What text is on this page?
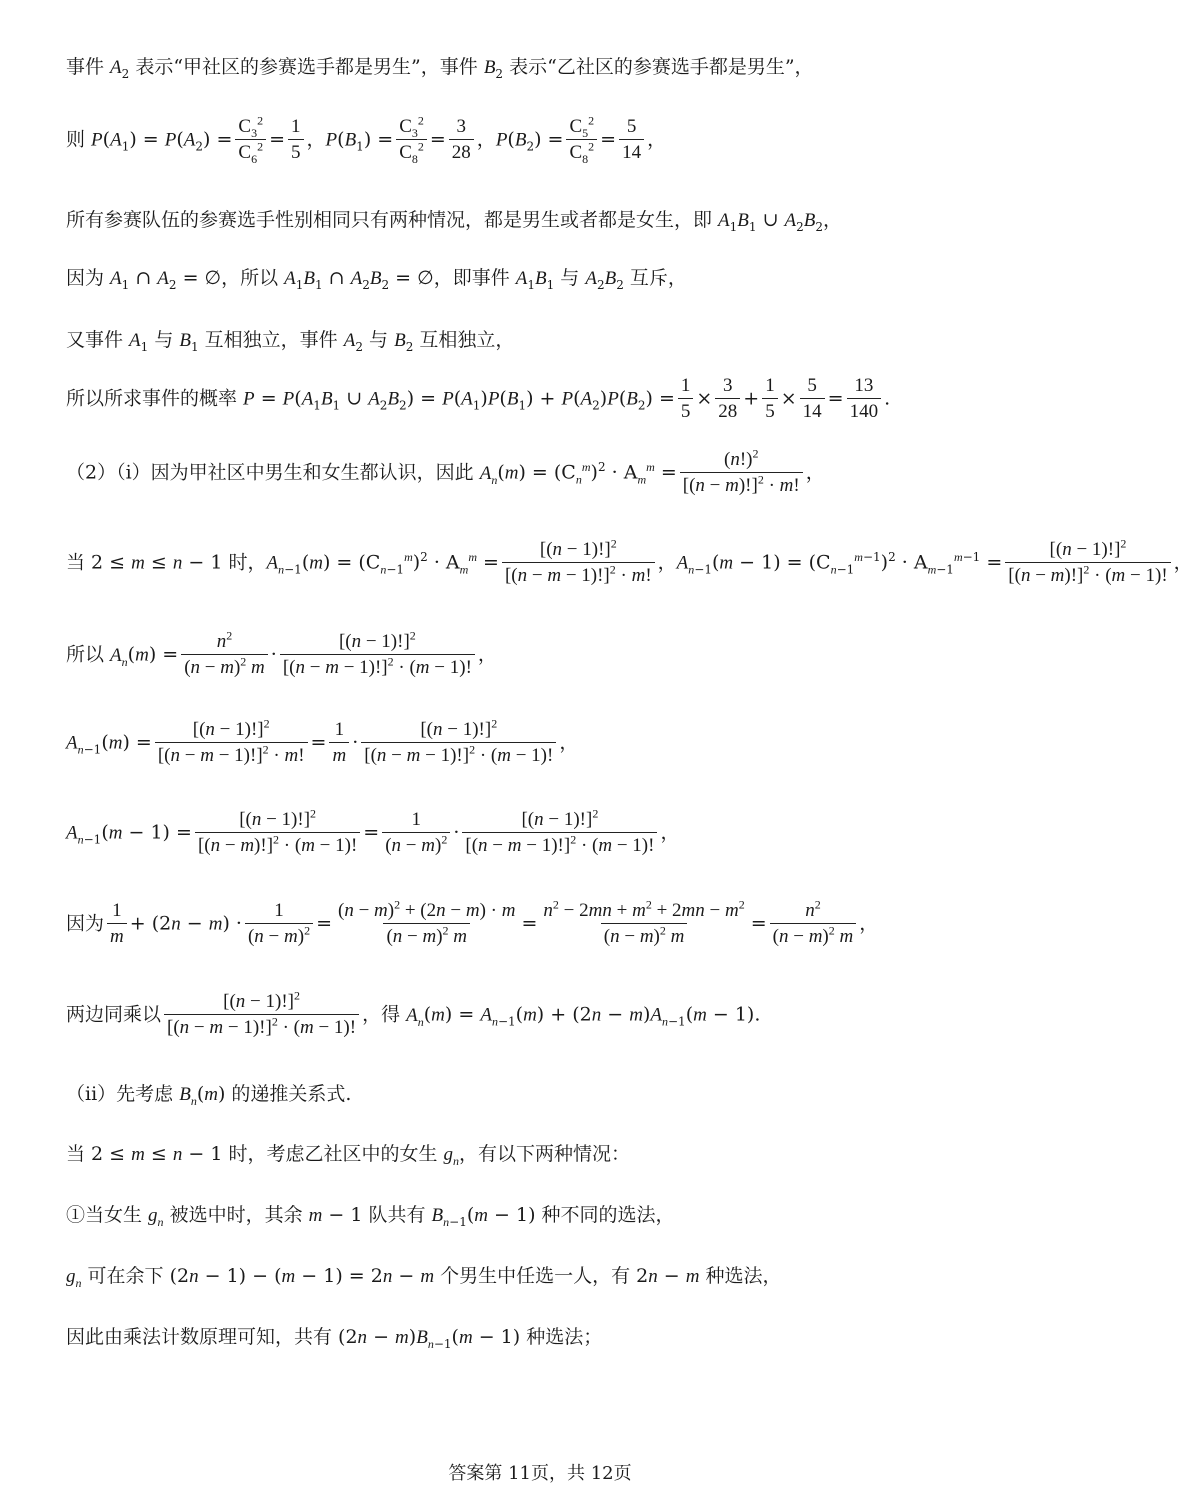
事件 $A_2$ 表示“甲社区的参赛选手都是男生”，事件 $B_2$ 表示“乙社区的参赛选手都是男生”，
则 $P(A_1) = P(A_2) = \frac{C_3^2}{C_6^2} = \frac{1}{5}$ ，$P(B_1) = \frac{C_3^2}{C_8^2} = \frac{3}{28}$ ，$P(B_2) = \frac{C_5^2}{C_8^2} = \frac{5}{14}$ ，
所有参赛队伍的参赛选手性别相同只有两种情况，都是男生或者都是女生，即 $A_1B_1$ ∪ $A_2B_2$，
因为 $A_1$ ∩ $A_2$ = ∅，所以 $A_1B_1$ ∩ $A_2B_2$ = ∅，即事件 $A_1B_1$ 与 $A_2B_2$ 互斥，
又事件 $A_1$ 与 $B_1$ 互相独立，事件 $A_2$ 与 $B_2$ 互相独立，
所以所求事件的概率 $P = P(A_1B_1$ ∪ $A_2B_2) = P(A_1)P(B_1) + P(A_2)P(B_2) = \frac{1}{5} \times \frac{3}{28} + \frac{1}{5} \times \frac{5}{14} = \frac{13}{140}$ .
（2）（i）因为甲社区中男生和女生都认识，因此 $A_n(m) = (C_n^m)^2 \cdot A_m^m = \frac{(n!)^2}{[(n - m)!]^2 \cdot m!}$ ，
当 2 ≤ m ≤ n − 1 时，$A_{n-1}(m) = (C_{n-1}^m)^2 \cdot A_m^m = \frac{[(n - 1)!]^2}{[(n - m - 1)!]^2 \cdot m!}$ ，$A_{n-1}(m - 1) = (C_{n-1}^{m-1})^2 \cdot A_{m-1}^{m-1} = \frac{[(n - 1)!]^2}{[(n - m)!]^2 \cdot (m - 1)!}$ ，
所以 $A_n(m) = \frac{n^2}{(n - m)^2 m} \cdot \frac{[(n - 1)!]^2}{[(n - m - 1)!]^2 \cdot (m - 1)!}$ ，
$A_{n-1}(m) = \frac{[(n - 1)!]^2}{[(n - m - 1)!]^2 \cdot m!} = \frac{1}{m} \cdot \frac{[(n - 1)!]^2}{[(n - m - 1)!]^2 \cdot (m - 1)!}$ ，
$A_{n-1}(m - 1) = \frac{[(n - 1)!]^2}{[(n - m)!]^2 \cdot (m - 1)!} = \frac{1}{(n - m)^2} \cdot \frac{[(n - 1)!]^2}{[(n - m - 1)!]^2 \cdot (m - 1)!}$ ，
因为 $\frac{1}{m} + (2n - m) \cdot \frac{1}{(n - m)^2} = \frac{(n - m)^2 + (2n - m) \cdot m}{(n - m)^2 m} = \frac{n^2 - 2mn + m^2 + 2mn - m^2}{(n - m)^2 m} = \frac{n^2}{(n - m)^2 m}$ ，
两边同乘以 $\frac{[(n - 1)!]^2}{[(n - m - 1)!]^2 \cdot (m - 1)!}$ ，得 $A_n(m) = A_{n-1}(m) + (2n - m)A_{n-1}(m - 1)$.
（ii）先考虑 $B_n(m)$ 的递推关系式.
当 2 ≤ m ≤ n − 1 时，考虑乙社区中的女生 $g_n$，有以下两种情况：
①当女生 $g_n$ 被选中时，其余 m − 1 队共有 $B_{n-1}(m - 1)$ 种不同的选法，
$g_n$ 可在余下 (2n − 1) − (m − 1) = 2n − m 个男生中任选一人，有 2n − m 种选法，
因此由乘法计数原理可知，共有 $(2n - m)B_{n-1}(m - 1)$ 种选法；
答案第 11页，共 12页
